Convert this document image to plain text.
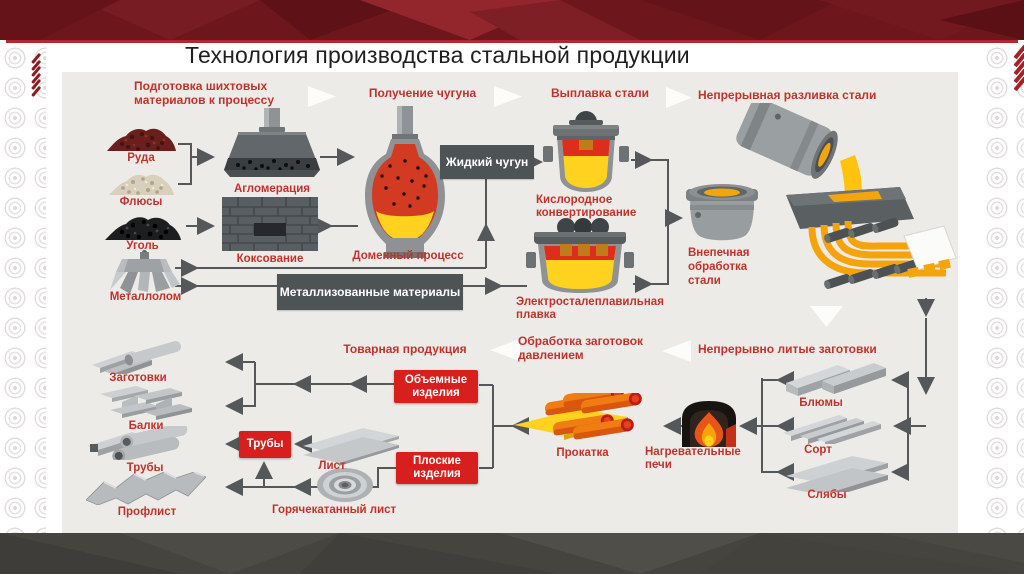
Технология производства стальной продукции
Жидкий чугун
Металлизованные материалы
Объемные изделия
Трубы
Плоские изделия
Подготовка шихтовых материалов к процессу	Получение чугуна	Выплавка стали	Непрерывная разливка стали
Руда
Флюсы
Уголь
Металлолом
Агломерация
Коксование	Доменный процесс
Кислородное конвертирование
Электросталеплавильная плавка
Внепечная обработка стали
Товарная продукция
Обработка заготовок давлением	Непрерывно литые заготовки
Блюмы
Сорт
Слябы
Нагревательные печи
Прокатка
Заготовки
Балки
Трубы
Профлист
Лист
Горячекатанный лист
